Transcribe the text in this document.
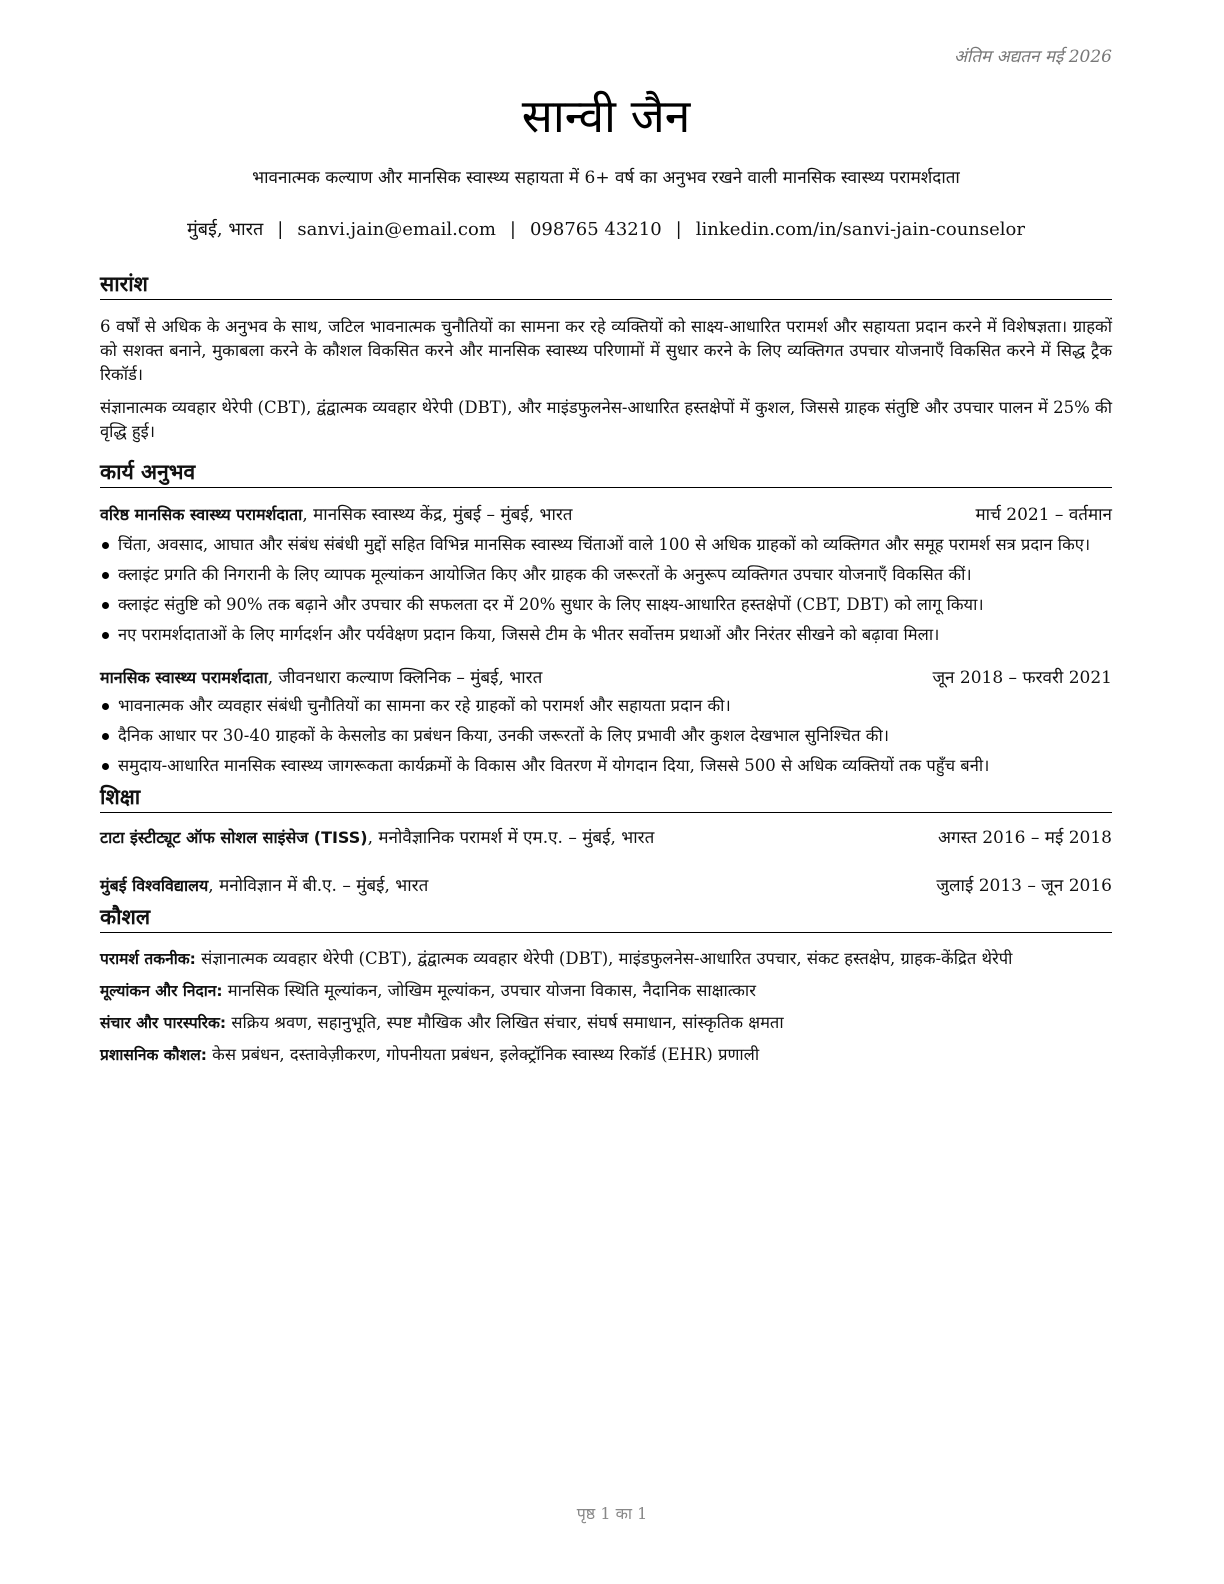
अंतिम अद्यतन मई 2026
सान्वी जैन
भावनात्मक कल्याण और मानसिक स्वास्थ्य सहायता में 6+ वर्ष का अनुभव रखने वाली मानसिक स्वास्थ्य परामर्शदाता
मुंबई, भारत | sanvi.jain@email.com | 098765 43210 | linkedin.com/in/sanvi-jain-counselor
सारांश

6 वर्षों से अधिक के अनुभव के साथ, जटिल भावनात्मक चुनौतियों का सामना कर रहे व्यक्तियों को साक्ष्य-आधारित परामर्श और सहायता प्रदान करने में विशेषज्ञता। ग्राहकों को सशक्त बनाने, मुकाबला करने के कौशल विकसित करने और मानसिक स्वास्थ्य परिणामों में सुधार करने के लिए व्यक्तिगत उपचार योजनाएँ विकसित करने में सिद्ध ट्रैक रिकॉर्ड।

संज्ञानात्मक व्यवहार थेरेपी (CBT), द्वंद्वात्मक व्यवहार थेरेपी (DBT), और माइंडफुलनेस-आधारित हस्तक्षेपों में कुशल, जिससे ग्राहक संतुष्टि और उपचार पालन में 25% की वृद्धि हुई।

कार्य अनुभव
वरिष्ठ मानसिक स्वास्थ्य परामर्शदाता, मानसिक स्वास्थ्य केंद्र, मुंबई – मुंबई, भारत	मार्च 2021 – वर्तमान
चिंता, अवसाद, आघात और संबंध संबंधी मुद्दों सहित विभिन्न मानसिक स्वास्थ्य चिंताओं वाले 100 से अधिक ग्राहकों को व्यक्तिगत और समूह परामर्श सत्र प्रदान किए।
क्लाइंट प्रगति की निगरानी के लिए व्यापक मूल्यांकन आयोजित किए और ग्राहक की जरूरतों के अनुरूप व्यक्तिगत उपचार योजनाएँ विकसित कीं।
क्लाइंट संतुष्टि को 90% तक बढ़ाने और उपचार की सफलता दर में 20% सुधार के लिए साक्ष्य-आधारित हस्तक्षेपों (CBT, DBT) को लागू किया।
नए परामर्शदाताओं के लिए मार्गदर्शन और पर्यवेक्षण प्रदान किया, जिससे टीम के भीतर सर्वोत्तम प्रथाओं और निरंतर सीखने को बढ़ावा मिला।
मानसिक स्वास्थ्य परामर्शदाता, जीवनधारा कल्याण क्लिनिक – मुंबई, भारत	जून 2018 – फरवरी 2021
भावनात्मक और व्यवहार संबंधी चुनौतियों का सामना कर रहे ग्राहकों को परामर्श और सहायता प्रदान की।
दैनिक आधार पर 30-40 ग्राहकों के केसलोड का प्रबंधन किया, उनकी जरूरतों के लिए प्रभावी और कुशल देखभाल सुनिश्चित की।
समुदाय-आधारित मानसिक स्वास्थ्य जागरूकता कार्यक्रमों के विकास और वितरण में योगदान दिया, जिससे 500 से अधिक व्यक्तियों तक पहुँच बनी।
शिक्षा
टाटा इंस्टीट्यूट ऑफ सोशल साइंसेज (TISS), मनोवैज्ञानिक परामर्श में एम.ए. – मुंबई, भारत	अगस्त 2016 – मई 2018
मुंबई विश्वविद्यालय, मनोविज्ञान में बी.ए. – मुंबई, भारत	जुलाई 2013 – जून 2016
कौशल

परामर्श तकनीक: संज्ञानात्मक व्यवहार थेरेपी (CBT), द्वंद्वात्मक व्यवहार थेरेपी (DBT), माइंडफुलनेस-आधारित उपचार, संकट हस्तक्षेप, ग्राहक-केंद्रित थेरेपी

मूल्यांकन और निदान: मानसिक स्थिति मूल्यांकन, जोखिम मूल्यांकन, उपचार योजना विकास, नैदानिक साक्षात्कार

संचार और पारस्परिक: सक्रिय श्रवण, सहानुभूति, स्पष्ट मौखिक और लिखित संचार, संघर्ष समाधान, सांस्कृतिक क्षमता

प्रशासनिक कौशल: केस प्रबंधन, दस्तावेज़ीकरण, गोपनीयता प्रबंधन, इलेक्ट्रॉनिक स्वास्थ्य रिकॉर्ड (EHR) प्रणाली

पृष्ठ 1 का 1
